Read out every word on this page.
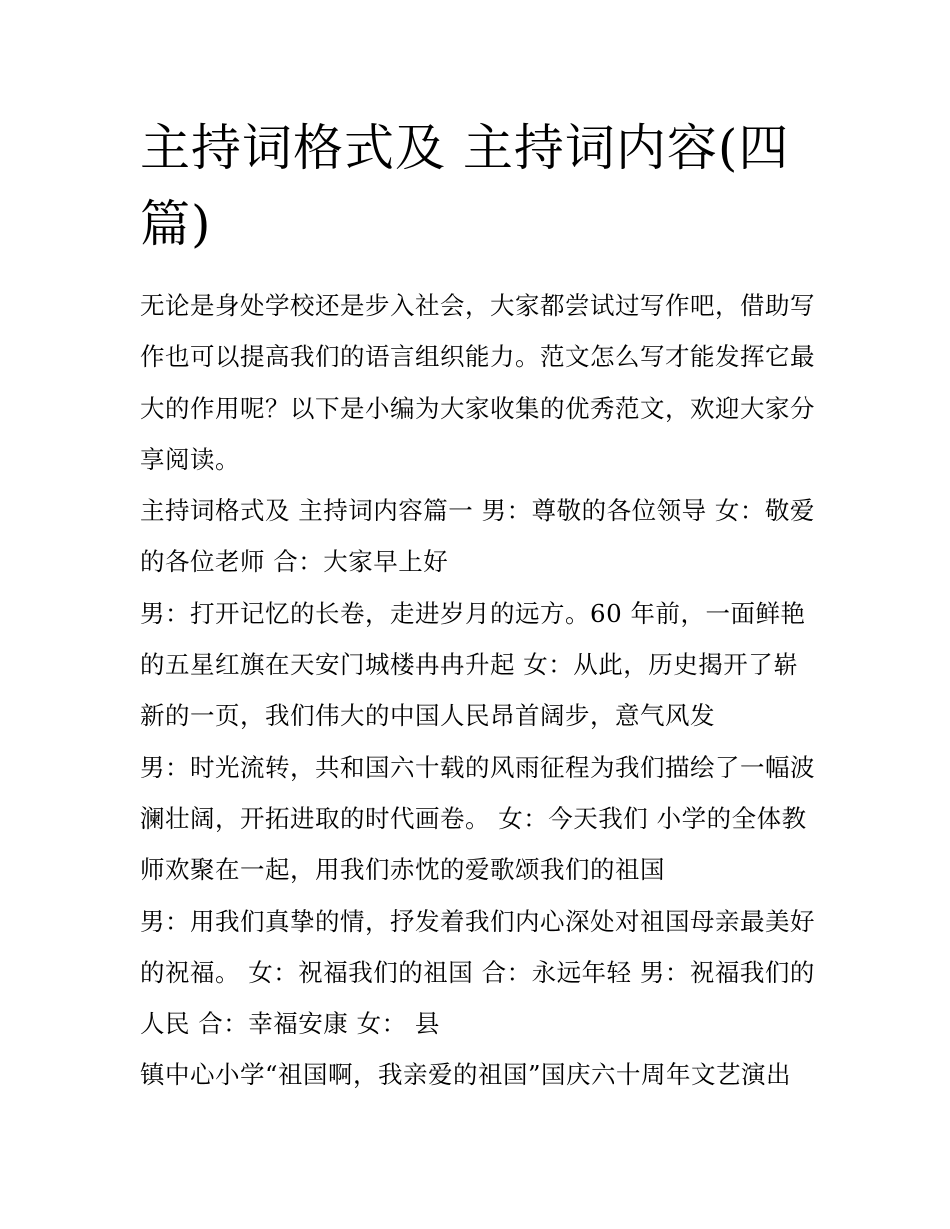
主持词格式及 主持词内容(四
篇)

无论是身处学校还是步入社会，大家都尝试过写作吧，借助写
作也可以提高我们的语言组织能力。范文怎么写才能发挥它最
大的作用呢？以下是小编为大家收集的优秀范文，欢迎大家分
享阅读。

主持词格式及 主持词内容篇一 男：尊敬的各位领导 女：敬爱
的各位老师 合：大家早上好

男：打开记忆的长卷，走进岁月的远方。60 年前，一面鲜艳
的五星红旗在天安门城楼冉冉升起 女：从此，历史揭开了崭
新的一页，我们伟大的中国人民昂首阔步，意气风发

男：时光流转，共和国六十载的风雨征程为我们描绘了一幅波
澜壮阔，开拓进取的时代画卷。 女：今天我们 小学的全体教
师欢聚在一起，用我们赤忱的爱歌颂我们的祖国

男：用我们真挚的情，抒发着我们内心深处对祖国母亲最美好
的祝福。 女：祝福我们的祖国 合：永远年轻 男：祝福我们的
人民 合：幸福安康 女： 县

镇中心小学“祖国啊，我亲爱的祖国”国庆六十周年文艺演出
